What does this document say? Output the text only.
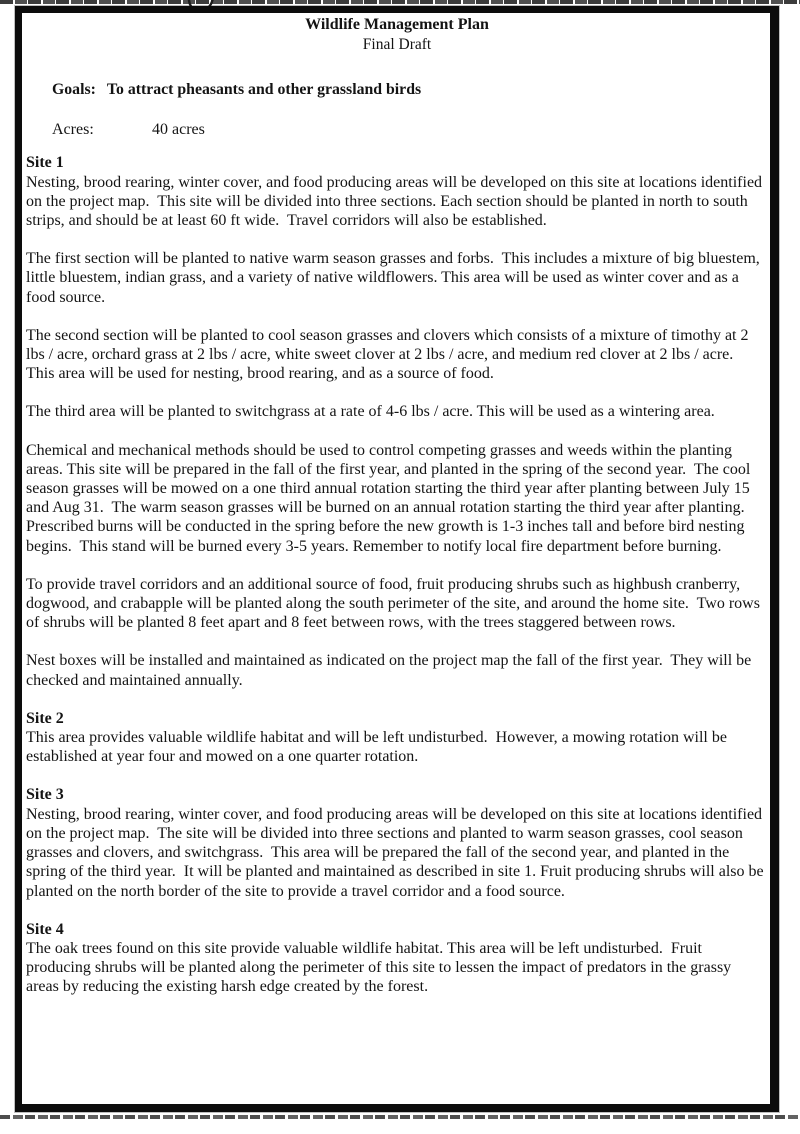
Wildlife Management Plan
Final Draft
Goals: To attract pheasants and other grassland birds
Acres:	40 acres
Site 1

Nesting, brood rearing, winter cover, and food producing areas will be developed on this site at locations identified on the project map.  This site will be divided into three sections. Each section should be planted in north to south strips, and should be at least 60 ft wide.  Travel corridors will also be established.

The first section will be planted to native warm season grasses and forbs.  This includes a mixture of big bluestem, little bluestem, indian grass, and a variety of native wildflowers. This area will be used as winter cover and as a food source.

The second section will be planted to cool season grasses and clovers which consists of a mixture of timothy at 2 lbs / acre, orchard grass at 2 lbs / acre, white sweet clover at 2 lbs / acre, and medium red clover at 2 lbs / acre.  This area will be used for nesting, brood rearing, and as a source of food.

The third area will be planted to switchgrass at a rate of 4-6 lbs / acre. This will be used as a wintering area.

Chemical and mechanical methods should be used to control competing grasses and weeds within the planting areas. This site will be prepared in the fall of the first year, and planted in the spring of the second year.  The cool season grasses will be mowed on a one third annual rotation starting the third year after planting between July 15 and Aug 31.  The warm season grasses will be burned on an annual rotation starting the third year after planting.  Prescribed burns will be conducted in the spring before the new growth is 1-3 inches tall and before bird nesting begins.  This stand will be burned every 3-5 years. Remember to notify local fire department before burning.

To provide travel corridors and an additional source of food, fruit producing shrubs such as highbush cranberry, dogwood, and crabapple will be planted along the south perimeter of the site, and around the home site.  Two rows of shrubs will be planted 8 feet apart and 8 feet between rows, with the trees staggered between rows.

Nest boxes will be installed and maintained as indicated on the project map the fall of the first year.  They will be checked and maintained annually.

Site 2

This area provides valuable wildlife habitat and will be left undisturbed.  However, a mowing rotation will be established at year four and mowed on a one quarter rotation.

Site 3

Nesting, brood rearing, winter cover, and food producing areas will be developed on this site at locations identified on the project map.  The site will be divided into three sections and planted to warm season grasses, cool season grasses and clovers, and switchgrass.  This area will be prepared the fall of the second year, and planted in the spring of the third year.  It will be planted and maintained as described in site 1. Fruit producing shrubs will also be planted on the north border of the site to provide a travel corridor and a food source.

Site 4

The oak trees found on this site provide valuable wildlife habitat. This area will be left undisturbed.  Fruit producing shrubs will be planted along the perimeter of this site to lessen the impact of predators in the grassy areas by reducing the existing harsh edge created by the forest.
